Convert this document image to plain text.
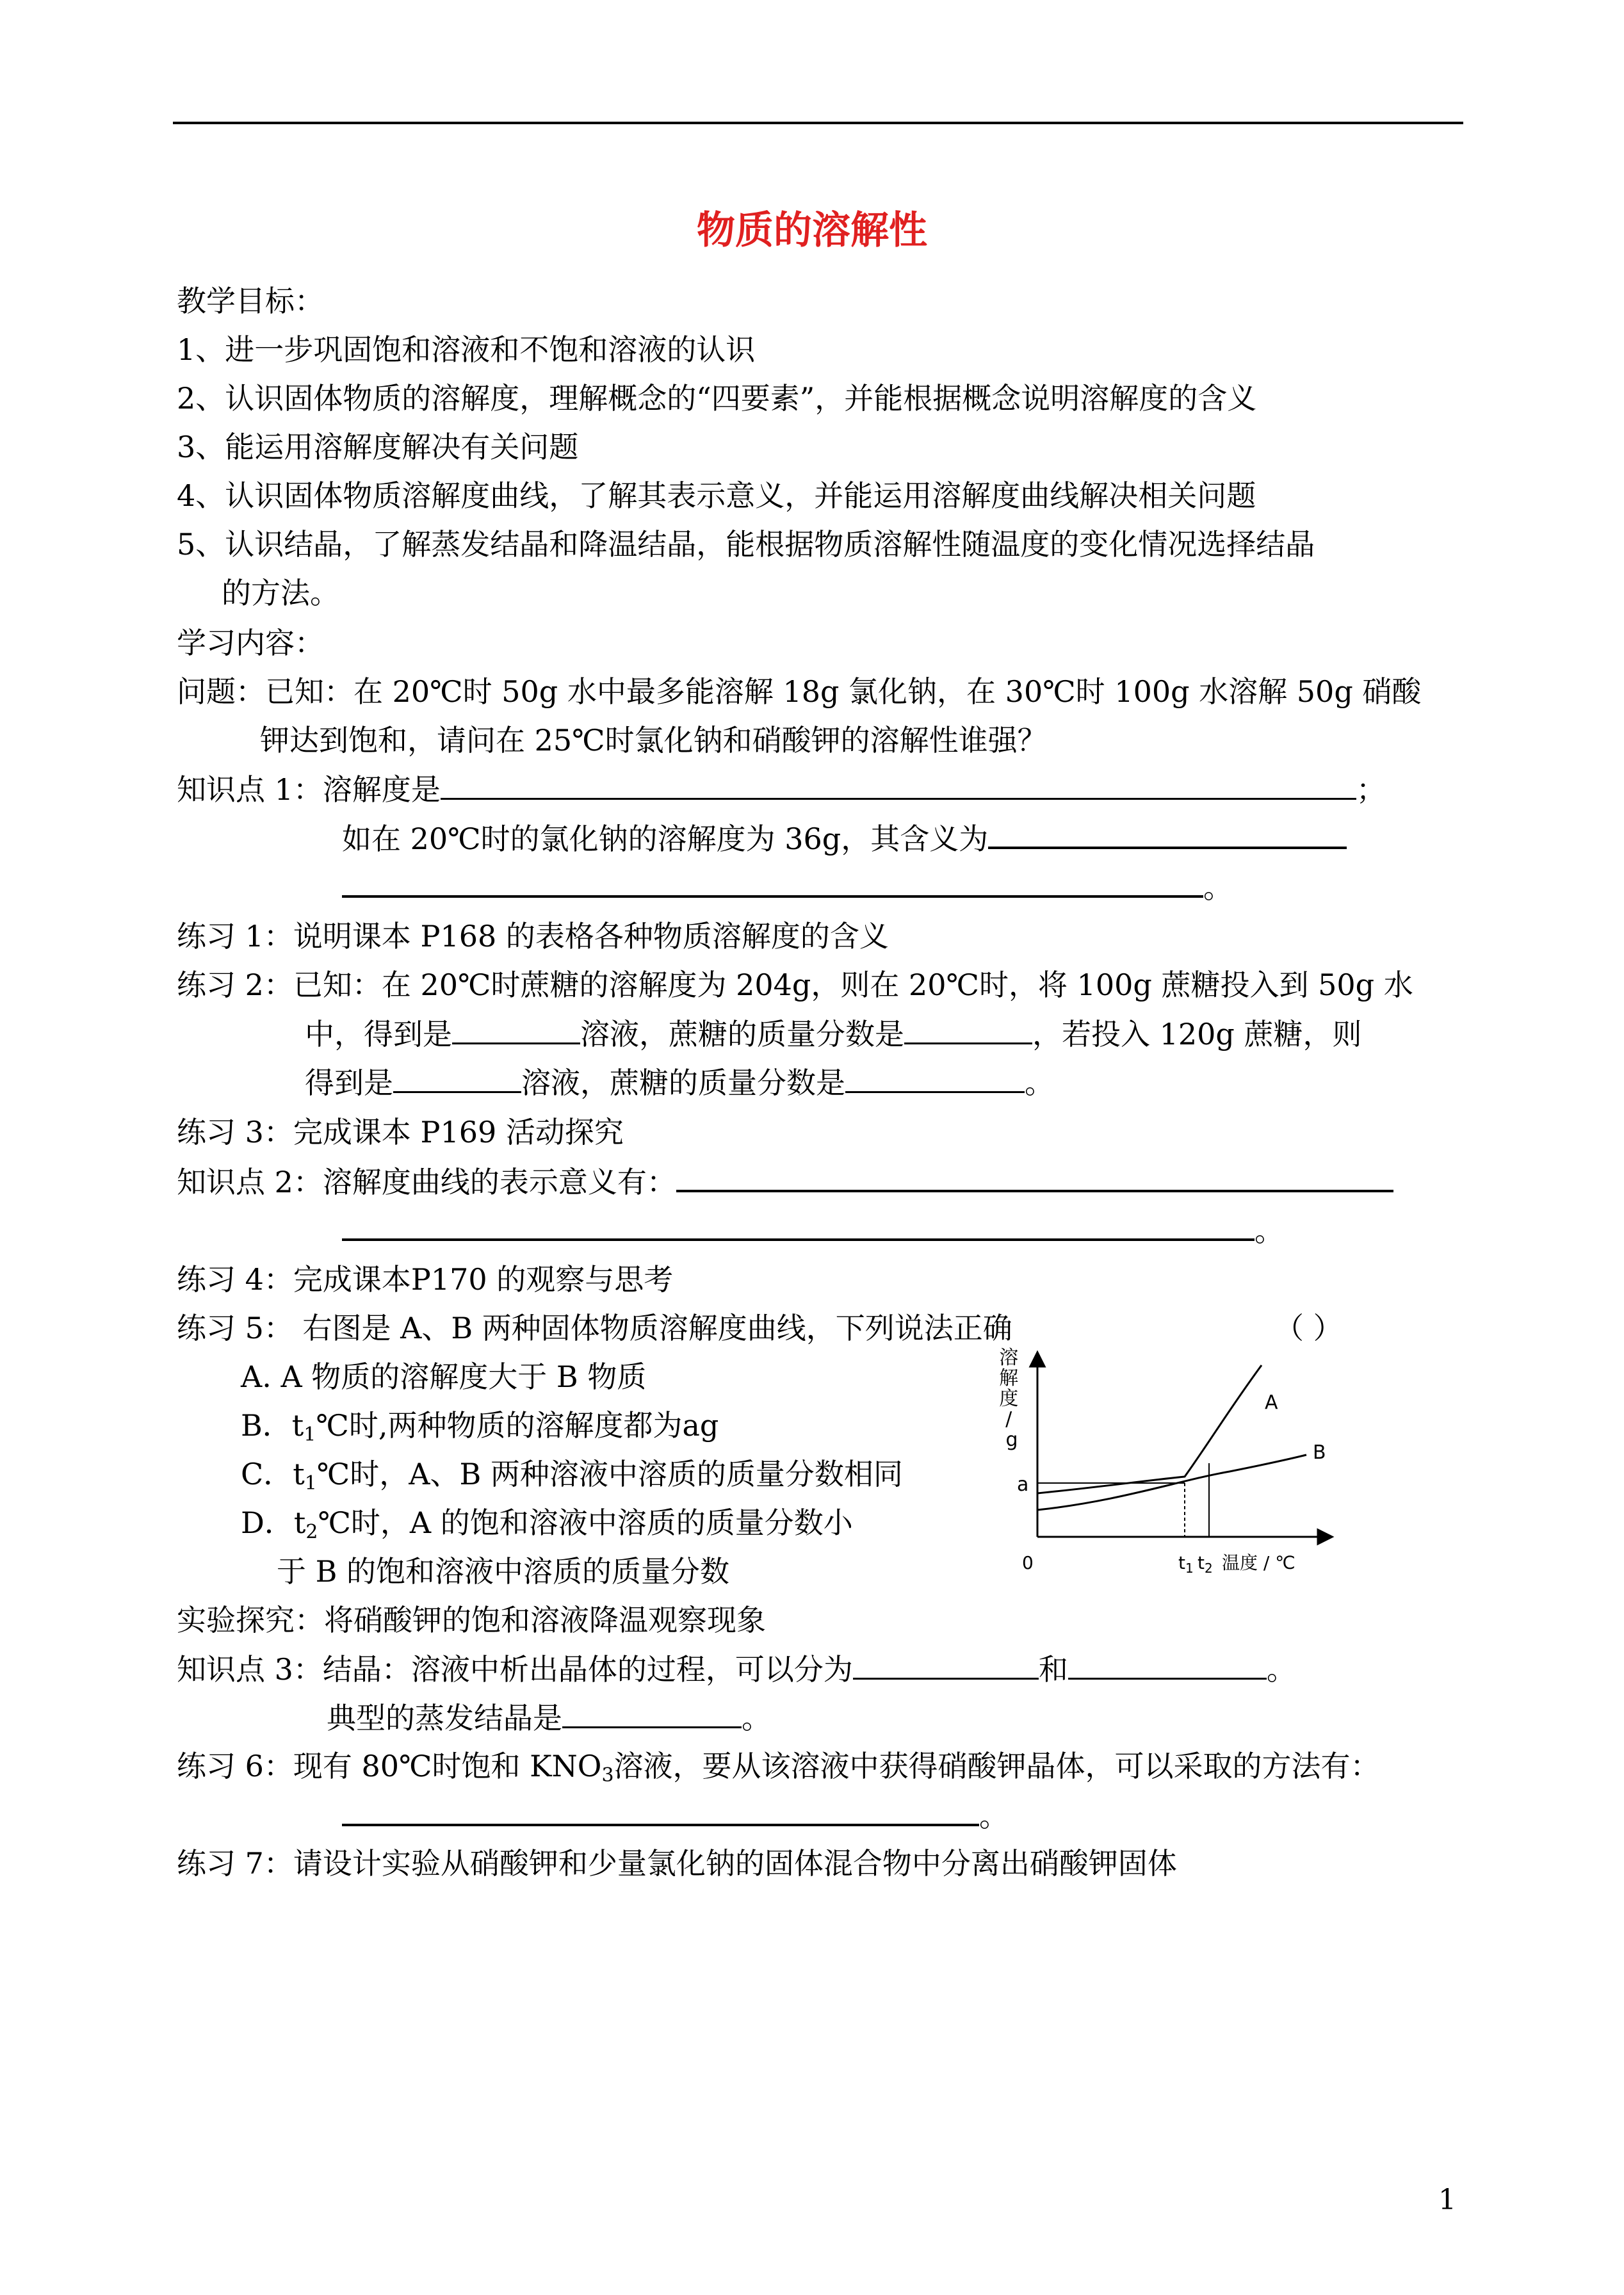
物质的溶解性
教学目标：
1、进一步巩固饱和溶液和不饱和溶液的认识
2、认识固体物质的溶解度，理解概念的“四要素”，并能根据概念说明溶解度的含义
3、能运用溶解度解决有关问题
4、认识固体物质溶解度曲线，了解其表示意义，并能运用溶解度曲线解决相关问题
5、认识结晶，了解蒸发结晶和降温结晶，能根据物质溶解性随温度的变化情况选择结晶
的方法。
学习内容：
问题：已知：在 20℃时 50g 水中最多能溶解 18g 氯化钠，在 30℃时 100g 水溶解 50g 硝酸
钾达到饱和，请问在 25℃时氯化钠和硝酸钾的溶解性谁强？
知识点 1：溶解度是	；
如在 20℃时的氯化钠的溶解度为 36g，其含义为
。
练习 1：说明课本 P168 的表格各种物质溶解度的含义
练习 2：已知：在 20℃时蔗糖的溶解度为 204g，则在 20℃时，将 100g 蔗糖投入到 50g 水
中，得到是	溶液，蔗糖的质量分数是	，若投入 120g 蔗糖，则
得到是	溶液，蔗糖的质量分数是	。
练习 3：完成课本 P169 活动探究
知识点 2：溶解度曲线的表示意义有：
。
练习 4：完成课本P170 的观察与思考
练习 5： 右图是 A、B 两种固体物质溶解度曲线，下列说法正确	（ ）
A. A 物质的溶解度大于 B 物质
B．$t_1℃$时,两种物质的溶解度都为ag
C．$t_1℃$时，A、B 两种溶液中溶质的质量分数相同
D．$t_2℃$时，A 的饱和溶液中溶质的质量分数小
于 B 的饱和溶液中溶质的质量分数
溶 解 度 / g
0
a
A
B
$t_1$ $t_2$ 温度 / ℃
实验探究：将硝酸钾的饱和溶液降温观察现象
知识点 3：结晶：溶液中析出晶体的过程，可以分为	和	。
典型的蒸发结晶是	。
练习 6：现有 80℃时饱和 $KNO_3$溶液，要从该溶液中获得硝酸钾晶体，可以采取的方法有：
。
练习 7：请设计实验从硝酸钾和少量氯化钠的固体混合物中分离出硝酸钾固体
1
